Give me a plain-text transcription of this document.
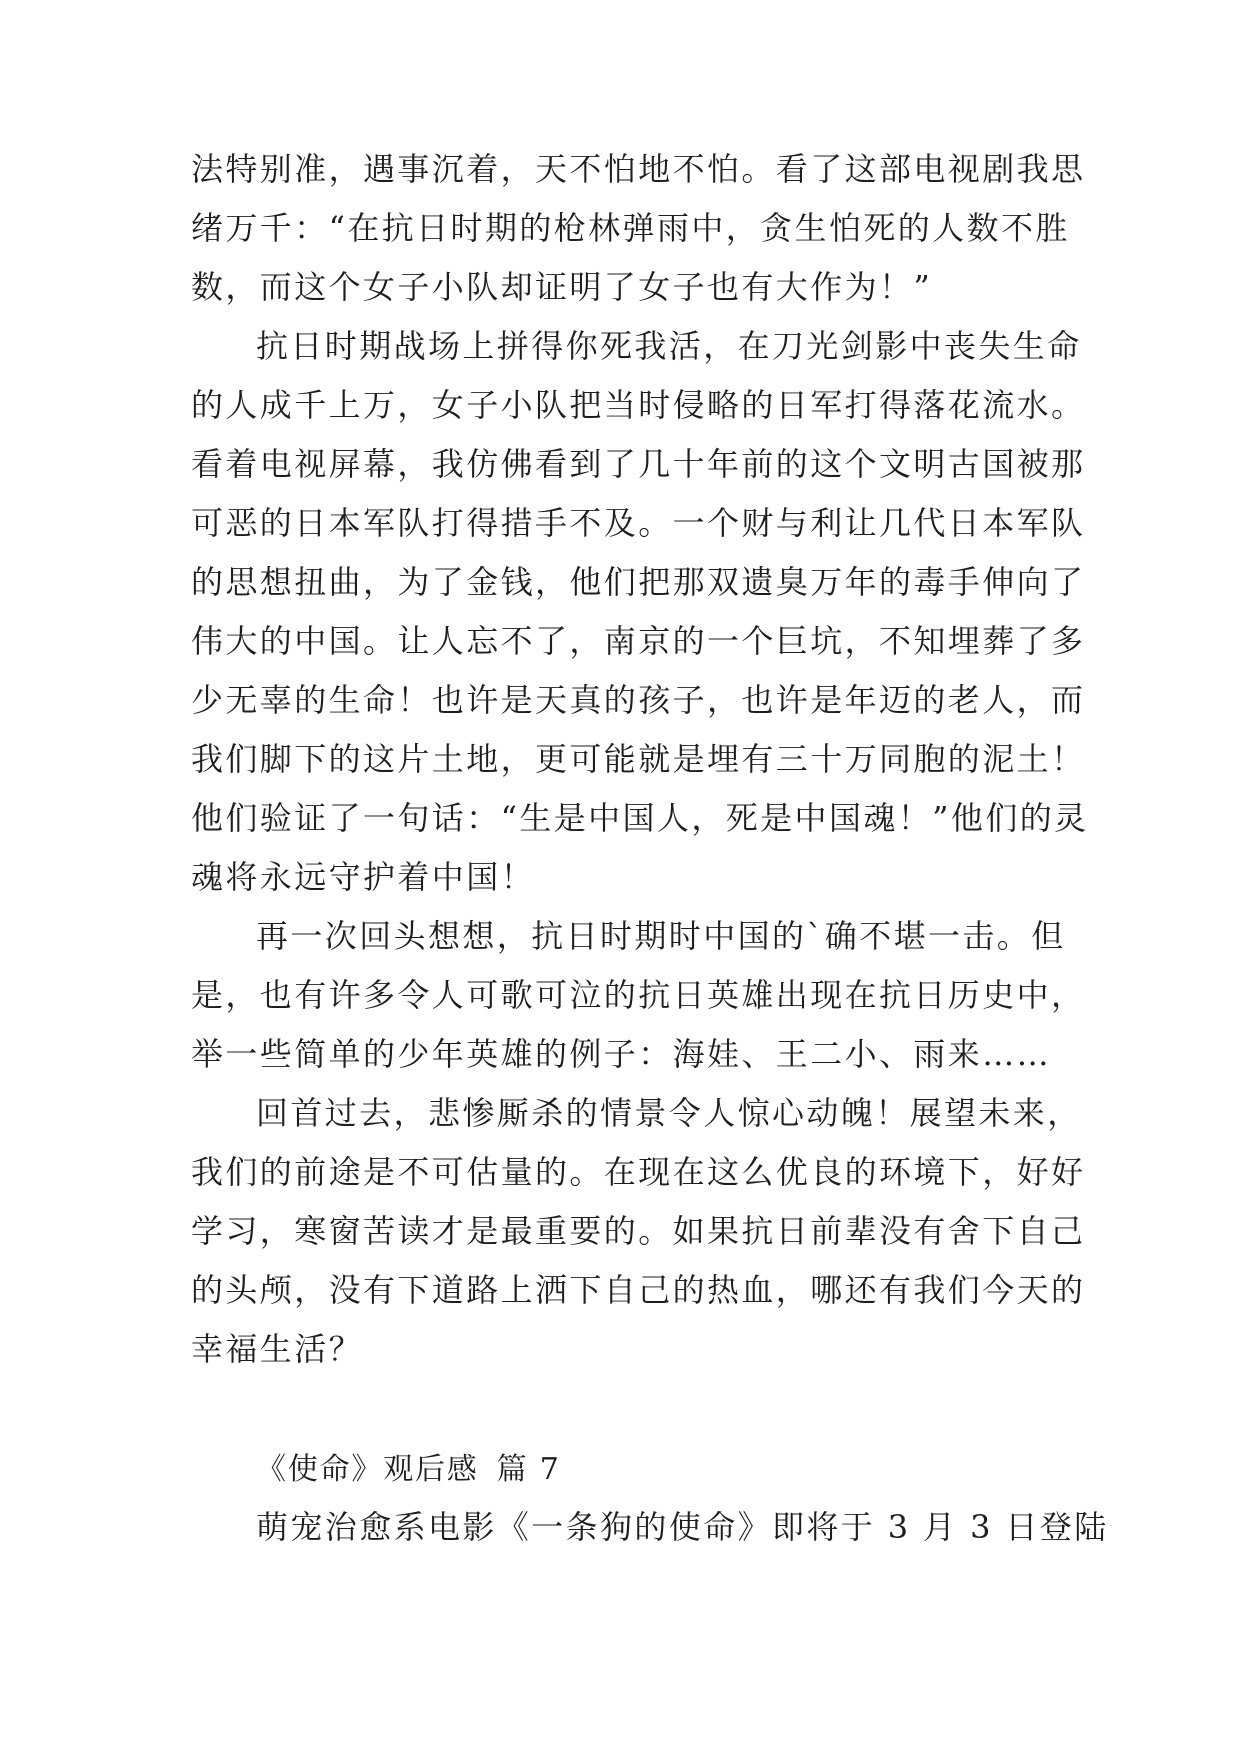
法特别准，遇事沉着，天不怕地不怕。看了这部电视剧我思
绪万千：“在抗日时期的枪林弹雨中，贪生怕死的人数不胜
数，而这个女子小队却证明了女子也有大作为！”
抗日时期战场上拼得你死我活，在刀光剑影中丧失生命
的人成千上万，女子小队把当时侵略的日军打得落花流水。
看着电视屏幕，我仿佛看到了几十年前的这个文明古国被那
可恶的日本军队打得措手不及。一个财与利让几代日本军队
的思想扭曲，为了金钱，他们把那双遗臭万年的毒手伸向了
伟大的中国。让人忘不了，南京的一个巨坑，不知埋葬了多
少无辜的生命！也许是天真的孩子，也许是年迈的老人，而
我们脚下的这片土地，更可能就是埋有三十万同胞的泥土！
他们验证了一句话：“生是中国人，死是中国魂！”他们的灵
魂将永远守护着中国！
再一次回头想想，抗日时期时中国的`确不堪一击。但
是，也有许多令人可歌可泣的抗日英雄出现在抗日历史中，
举一些简单的少年英雄的例子：海娃、王二小、雨来……
回首过去，悲惨厮杀的情景令人惊心动魄！展望未来，
我们的前途是不可估量的。在现在这么优良的环境下，好好
学习，寒窗苦读才是最重要的。如果抗日前辈没有舍下自己
的头颅，没有下道路上洒下自己的热血，哪还有我们今天的
幸福生活？
《使命》观后感 篇 7
萌宠治愈系电影《一条狗的使命》即将于 3 月 3 日登陆
